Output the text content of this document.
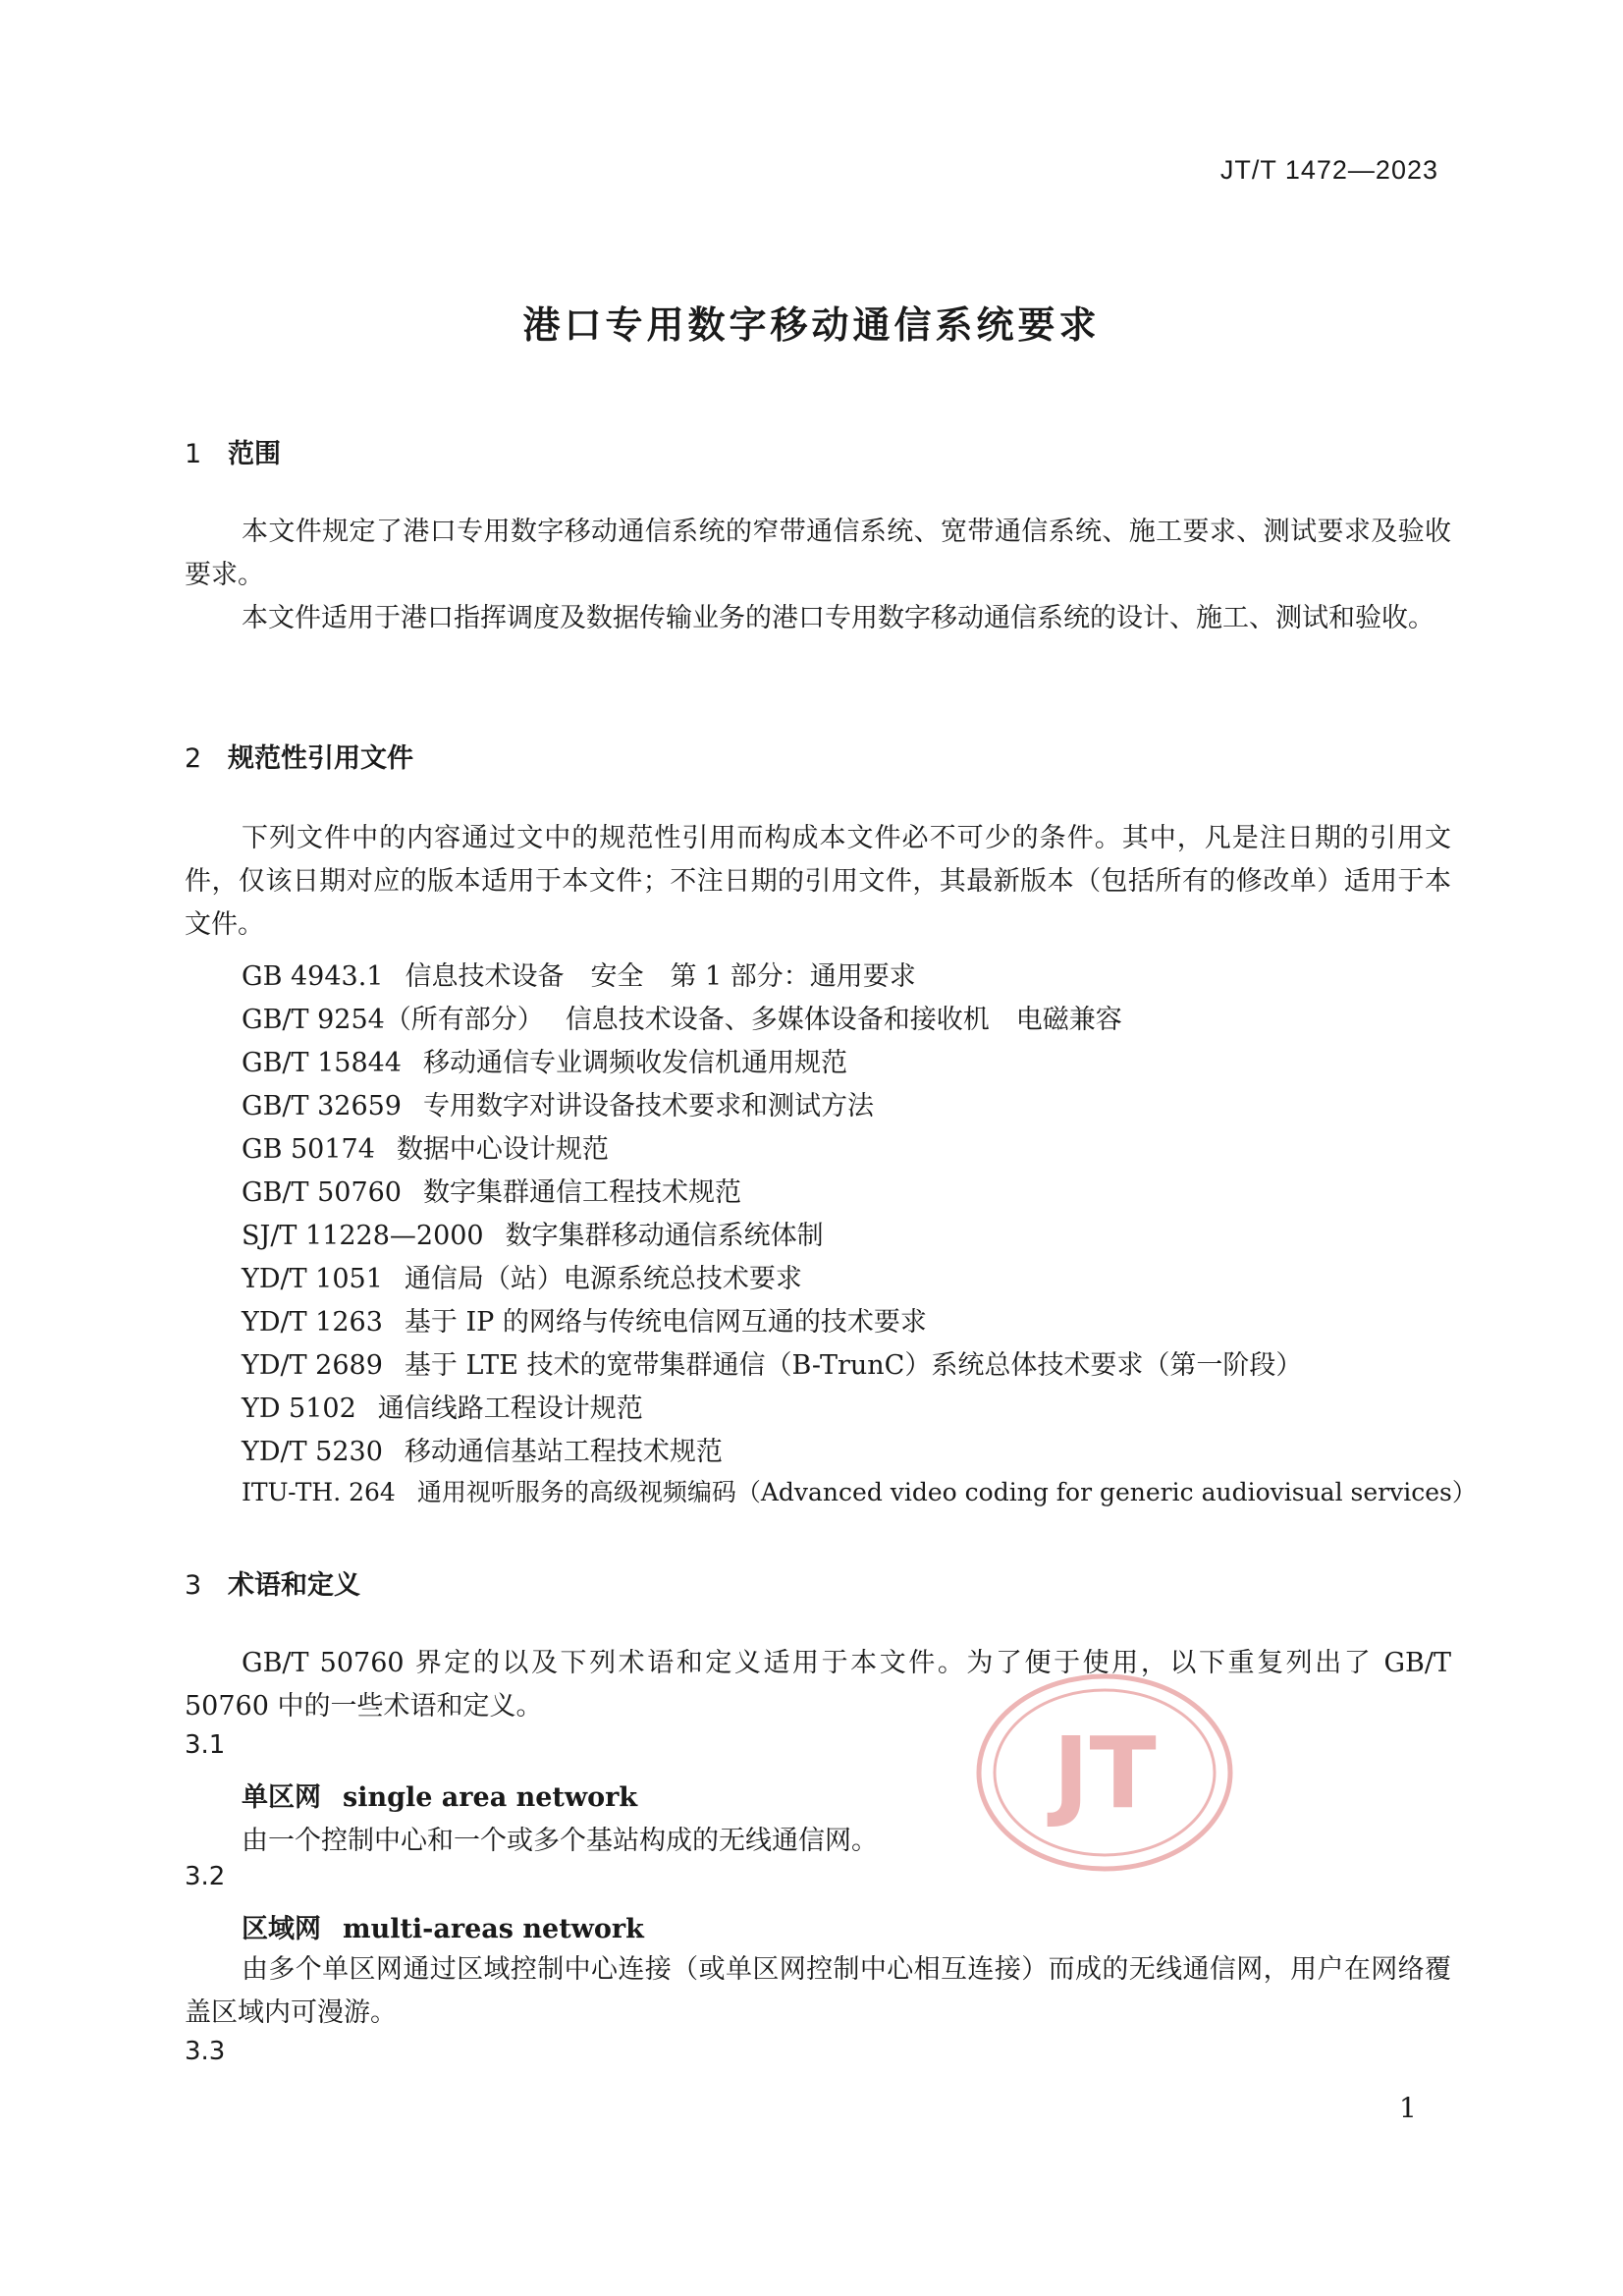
JT/T 1472—2023
港口专用数字移动通信系统要求
1 范围
本文件规定了港口专用数字移动通信系统的窄带通信系统、宽带通信系统、施工要求、测试要求及验收要求。
本文件适用于港口指挥调度及数据传输业务的港口专用数字移动通信系统的设计、施工、测试和验收。
2 规范性引用文件
下列文件中的内容通过文中的规范性引用而构成本文件必不可少的条件。其中，凡是注日期的引用文件，仅该日期对应的版本适用于本文件；不注日期的引用文件，其最新版本（包括所有的修改单）适用于本文件。
GB 4943.1 信息技术设备　安全　第 1 部分：通用要求
GB/T 9254（所有部分） 信息技术设备、多媒体设备和接收机　电磁兼容
GB/T 15844 移动通信专业调频收发信机通用规范
GB/T 32659 专用数字对讲设备技术要求和测试方法
GB 50174 数据中心设计规范
GB/T 50760 数字集群通信工程技术规范
SJ/T 11228—2000 数字集群移动通信系统体制
YD/T 1051 通信局（站）电源系统总技术要求
YD/T 1263 基于 IP 的网络与传统电信网互通的技术要求
YD/T 2689 基于 LTE 技术的宽带集群通信（B-TrunC）系统总体技术要求（第一阶段）
YD 5102 通信线路工程设计规范
YD/T 5230 移动通信基站工程技术规范
ITU-TH. 264 通用视听服务的高级视频编码（Advanced video coding for generic audiovisual services）
3 术语和定义
GB/T 50760 界定的以及下列术语和定义适用于本文件。为了便于使用，以下重复列出了 GB/T 50760 中的一些术语和定义。
JT
3.1
单区网 single area network
由一个控制中心和一个或多个基站构成的无线通信网。
3.2
区域网 multi-areas network
由多个单区网通过区域控制中心连接（或单区网控制中心相互连接）而成的无线通信网，用户在网络覆盖区域内可漫游。
3.3
1
